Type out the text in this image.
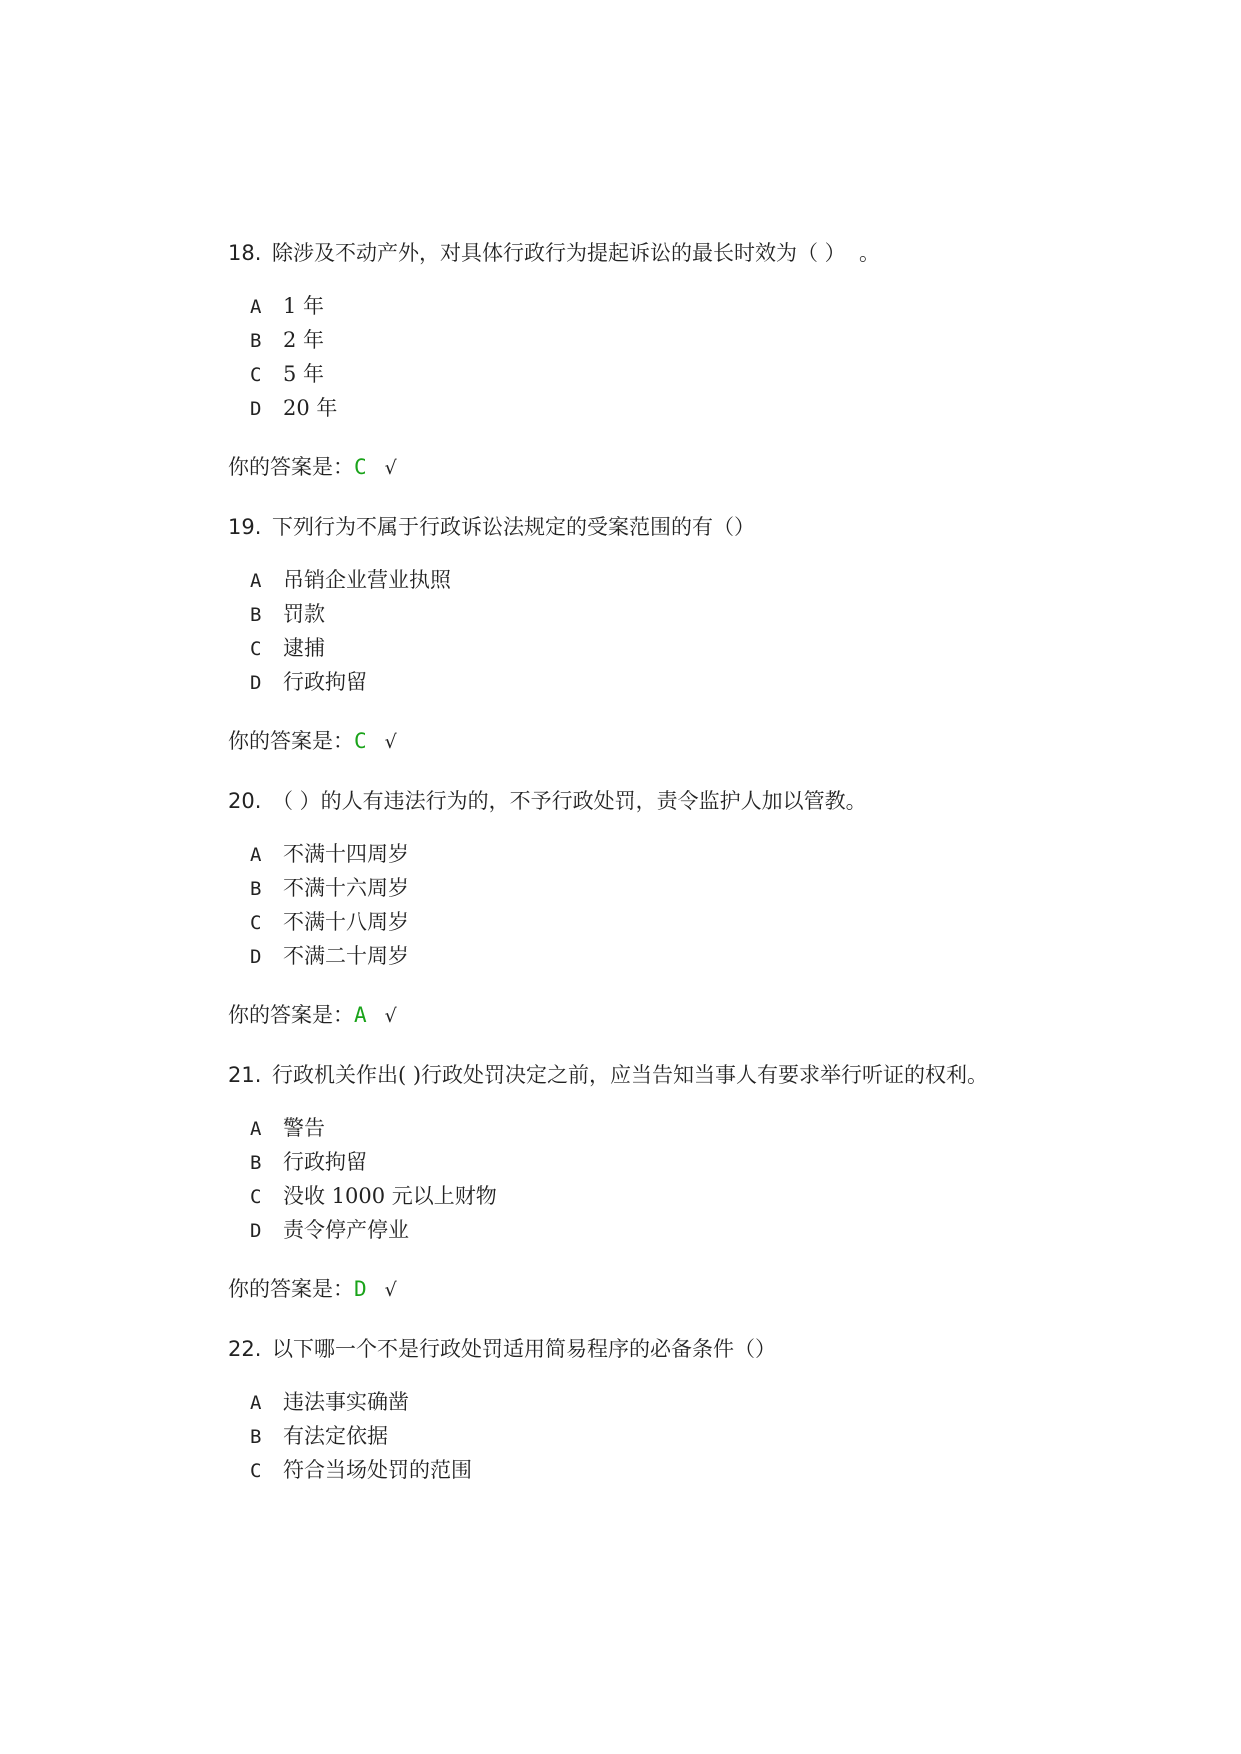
18. 除涉及不动产外，对具体行政行为提起诉讼的最长时效为（ ）  。
A 1 年
B 2 年
C 5 年
D 20 年
你的答案是：C √
19. 下列行为不属于行政诉讼法规定的受案范围的有（）
A 吊销企业营业执照
B 罚款
C 逮捕
D 行政拘留
你的答案是：C √
20. （ ）的人有违法行为的，不予行政处罚，责令监护人加以管教。
A 不满十四周岁
B 不满十六周岁
C 不满十八周岁
D 不满二十周岁
你的答案是：A √
21. 行政机关作出( )行政处罚决定之前，应当告知当事人有要求举行听证的权利。
A 警告
B 行政拘留
C 没收 1000 元以上财物
D 责令停产停业
你的答案是：D √
22. 以下哪一个不是行政处罚适用简易程序的必备条件（）
A 违法事实确凿
B 有法定依据
C 符合当场处罚的范围
